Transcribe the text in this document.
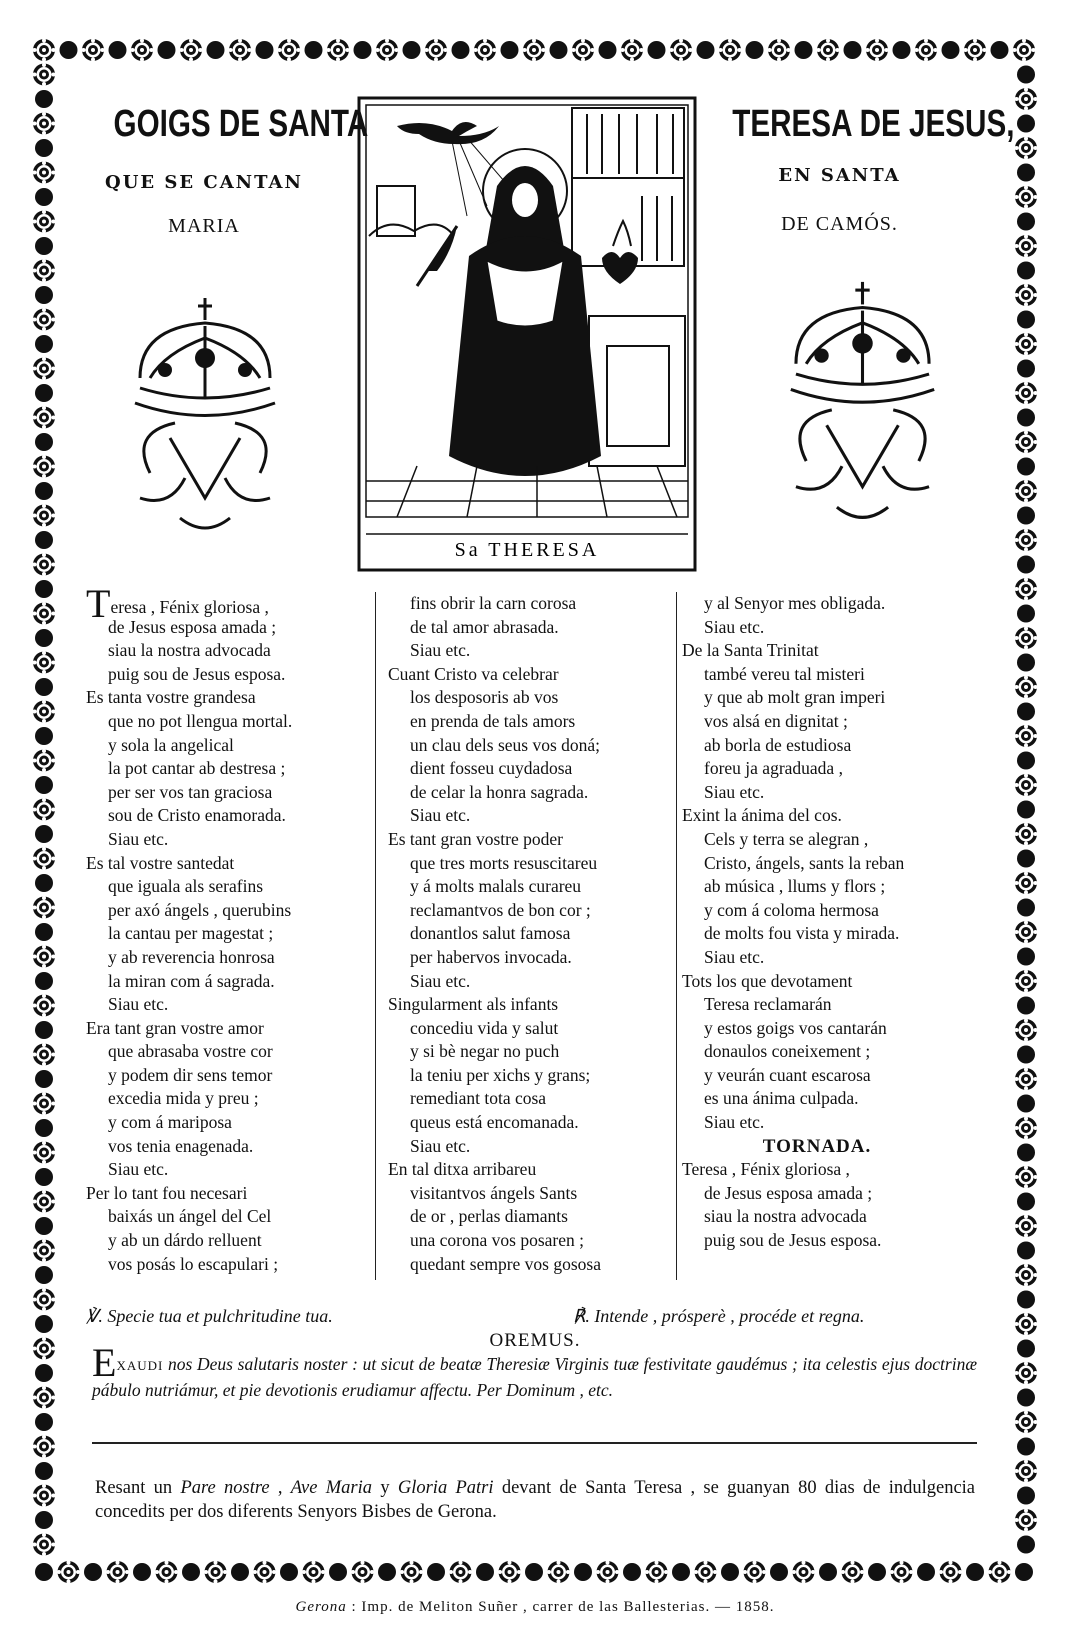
GOIGS DE SANTA
QUE SE CANTAN
MARIA
TERESA DE JESUS,
EN SANTA
DE CAMÓS.
Sa THERESA
Teresa , Fénix gloriosa ,
de Jesus esposa amada ;
siau la nostra advocada
puig sou de Jesus esposa.
Es tanta vostre grandesa
que no pot llengua mortal.
y sola la angelical
la pot cantar ab destresa ;
per ser vos tan graciosa
sou de Cristo enamorada.
Siau etc.
Es tal vostre santedat
que iguala als serafins
per axó ángels , querubins
la cantau per magestat ;
y ab reverencia honrosa
la miran com á sagrada.
Siau etc.
Era tant gran vostre amor
que abrasaba vostre cor
y podem dir sens temor
excedia mida y preu ;
y com á mariposa
vos tenia enagenada.
Siau etc.
Per lo tant fou necesari
baixás un ángel del Cel
y ab un dárdo relluent
vos posás lo escapulari ;
fins obrir la carn corosa
de tal amor abrasada.
Siau etc.
Cuant Cristo va celebrar
los desposoris ab vos
en prenda de tals amors
un clau dels seus vos doná;
dient fosseu cuydadosa
de celar la honra sagrada.
Siau etc.
Es tant gran vostre poder
que tres morts resuscitareu
y á molts malals curareu
reclamantvos de bon cor ;
donantlos salut famosa
per habervos invocada.
Siau etc.
Singularment als infants
concediu vida y salut
y si bè negar no puch
la teniu per xichs y grans;
remediant tota cosa
queus está encomanada.
Siau etc.
En tal ditxa arribareu
visitantvos ángels Sants
de or , perlas diamants
una corona vos posaren ;
quedant sempre vos gososa
y al Senyor mes obligada.
Siau etc.
De la Santa Trinitat
també vereu tal misteri
y que ab molt gran imperi
vos alsá en dignitat ;
ab borla de estudiosa
foreu ja agraduada ,
Siau etc.
Exint la ánima del cos.
Cels y terra se alegran ,
Cristo, ángels, sants la reban
ab música , llums y flors ;
y com á coloma hermosa
de molts fou vista y mirada.
Siau etc.
Tots los que devotament
Teresa reclamarán
y estos goigs vos cantarán
donaulos coneixement ;
y veurán cuant escarosa
es una ánima culpada.
Siau etc.
TORNADA.
Teresa , Fénix gloriosa ,
de Jesus esposa amada ;
siau la nostra advocada
puig sou de Jesus esposa.
℣. Specie tua et pulchritudine tua.	℟. Intende , prósperè , procéde et regna.
OREMUS.
EXAUDI nos Deus salutaris noster : ut sicut de beatæ Theresiæ Virginis tuæ festivitate gaudémus ; ita celestis ejus doctrinæ pábulo nutriámur, et pie devotionis erudiamur affectu. Per Dominum , etc.
Resant un Pare nostre , Ave Maria y Gloria Patri devant de Santa Teresa , se guanyan 80 dias de indulgencia concedits per dos diferents Senyors Bisbes de Gerona.
Gerona : Imp. de Meliton Suñer , carrer de las Ballesterias. — 1858.
